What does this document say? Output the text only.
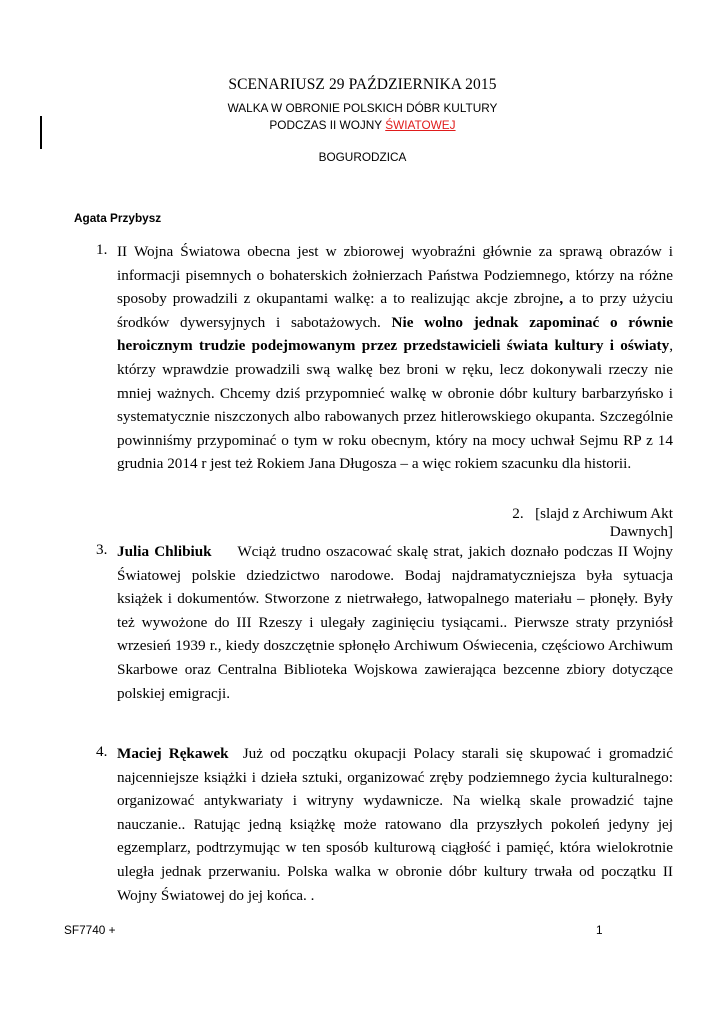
SCENARIUSZ 29 PAŹDZIERNIKA 2015
WALKA W OBRONIE POLSKICH DÓBR KULTURY
PODCZAS II WOJNY ŚWIATOWEJ
BOGURODZICA
Agata Przybysz
1. II Wojna Światowa obecna jest w zbiorowej wyobraźni głównie za sprawą obrazów i informacji pisemnych o bohaterskich żołnierzach Państwa Podziemnego, którzy na różne sposoby prowadzili z okupantami walkę: a to realizując akcje zbrojne, a to przy użyciu środków dywersyjnych i sabotażowych. Nie wolno jednak zapominać o równie heroicznym trudzie podejmowanym przez przedstawicieli świata kultury i oświaty, którzy wprawdzie prowadzili swą walkę bez broni w ręku, lecz dokonywali rzeczy nie mniej ważnych. Chcemy dziś przypomnieć walkę w obronie dóbr kultury barbarzyńsko i systematycznie niszczonych albo rabowanych przez hitlerowskiego okupanta. Szczególnie powinniśmy przypominać o tym w roku obecnym, który na mocy uchwał Sejmu RP z 14 grudnia 2014 r jest też Rokiem Jana Długosza – a więc rokiem szacunku dla historii.
2. [slajd z Archiwum Akt Dawnych]
3. Julia Chlibiuk Wciąż trudno oszacować skalę strat, jakich doznało podczas II Wojny Światowej polskie dziedzictwo narodowe. Bodaj najdramatyczniejsza była sytuacja książek i dokumentów. Stworzone z nietrwałego, łatwopalnego materiału – płonęły. Były też wywożone do III Rzeszy i ulegały zaginięciu tysiącami.. Pierwsze straty przyniósł wrzesień 1939 r., kiedy doszczętnie spłonęło Archiwum Oświecenia, częściowo Archiwum Skarbowe oraz Centralna Biblioteka Wojskowa zawierająca bezcenne zbiory dotyczące polskiej emigracji.
4. Maciej Rękawek Już od początku okupacji Polacy starali się skupować i gromadzić najcenniejsze książki i dzieła sztuki, organizować zręby podziemnego życia kulturalnego: organizować antykwariaty i witryny wydawnicze. Na wielką skale prowadzić tajne nauczanie.. Ratując jedną książkę może ratowano dla przyszłych pokoleń jedyny jej egzemplarz, podtrzymując w ten sposób kulturową ciągłość i pamięć, która wielokrotnie uległa jednak przerwaniu. Polska walka w obronie dóbr kultury trwała od początku II Wojny Światowej do jej końca. .
SF7740 +	1
